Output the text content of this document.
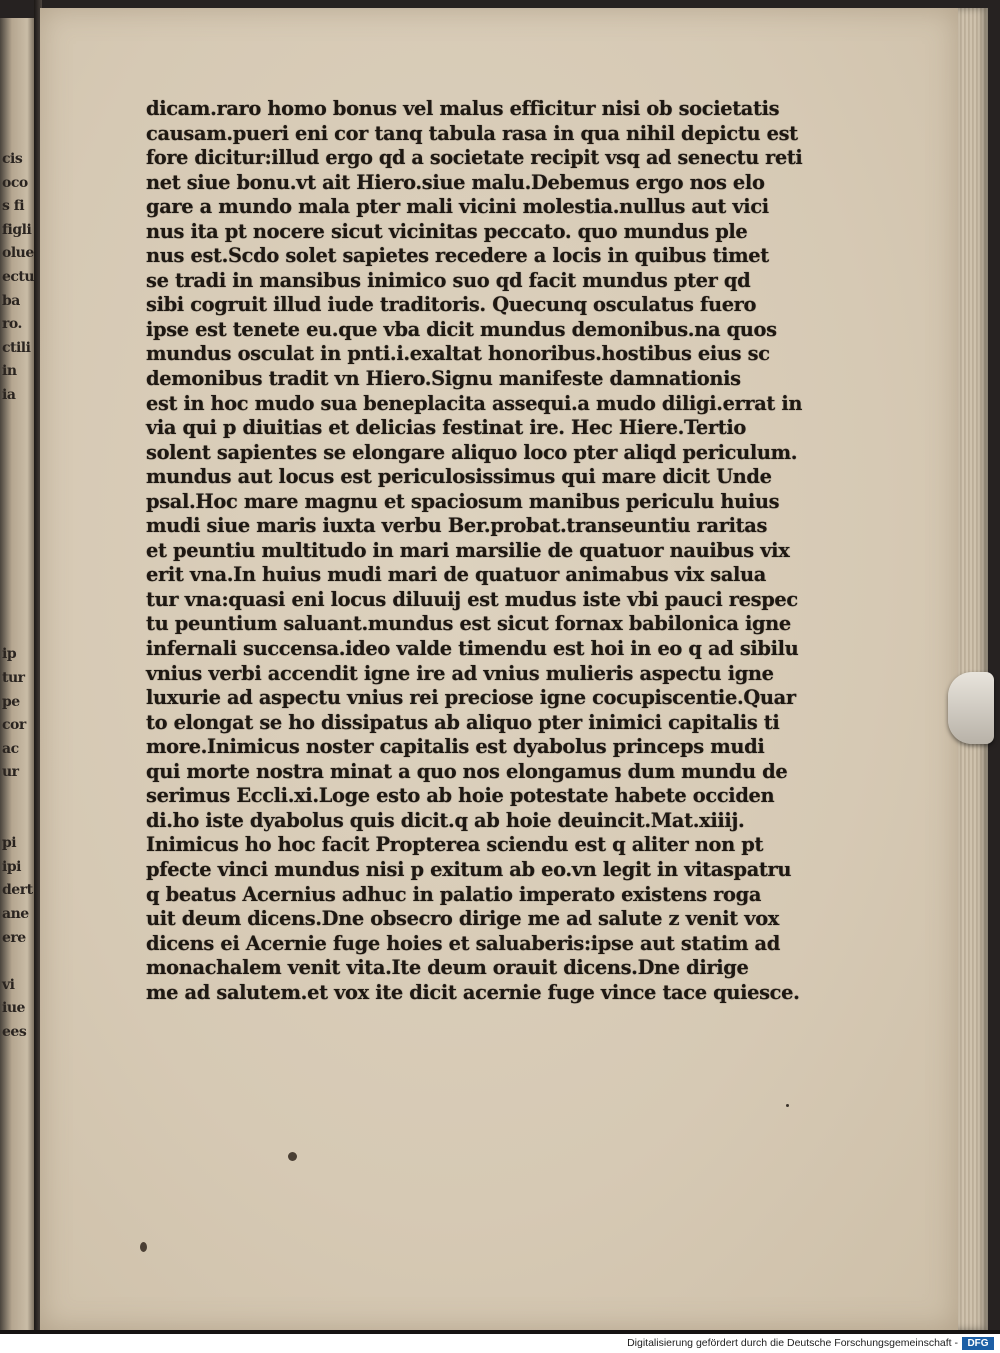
cis
oco
s fi
figli
olue
ectu
ba
ro.
ctili
in
ia
ip
tur
pe
cor
ac
ur
pi
ipi
dert
ane
ere
vi
iue
ees
dicam.raro homo bonus vel malus efficitur nisi ob societatis
causam.pueri eni cor tanq tabula rasa in qua nihil depictu est
fore dicitur:illud ergo qd a societate recipit vsq ad senectu reti
net siue bonu.vt ait Hiero.siue malu.Debemus ergo nos elo
gare a mundo mala pter mali vicini molestia.nullus aut vici
nus ita pt nocere sicut vicinitas peccato. quo mundus ple
nus est.Scdo solet sapietes recedere a locis in quibus timet
se tradi in mansibus inimico suo qd facit mundus pter qd
sibi cogruit illud iude traditoris. Quecunq osculatus fuero
ipse est tenete eu.que vba dicit mundus demonibus.na quos
mundus osculat in pnti.i.exaltat honoribus.hostibus eius sc
demonibus tradit vn Hiero.Signu manifeste damnationis
est in hoc mudo sua beneplacita assequi.a mudo diligi.errat in
via qui p diuitias et delicias festinat ire. Hec Hiere.Tertio
solent sapientes se elongare aliquo loco pter aliqd periculum.
mundus aut locus est periculosissimus qui mare dicit Unde
psal.Hoc mare magnu et spaciosum manibus periculu huius
mudi siue maris iuxta verbu Ber.probat.transeuntiu raritas
et peuntiu multitudo in mari marsilie de quatuor nauibus vix
erit vna.In huius mudi mari de quatuor animabus vix salua
tur vna:quasi eni locus diluuij est mudus iste vbi pauci respec
tu peuntium saluant.mundus est sicut fornax babilonica igne
infernali succensa.ideo valde timendu est hoi in eo q ad sibilu
vnius verbi accendit igne ire ad vnius mulieris aspectu igne
luxurie ad aspectu vnius rei preciose igne cocupiscentie.Quar
to elongat se ho dissipatus ab aliquo pter inimici capitalis ti
more.Inimicus noster capitalis est dyabolus princeps mudi
qui morte nostra minat a quo nos elongamus dum mundu de
serimus Eccli.xi.Loge esto ab hoie potestate habete occiden
di.ho iste dyabolus quis dicit.q ab hoie deuincit.Mat.xiiij.
Inimicus ho hoc facit Propterea sciendu est q aliter non pt
pfecte vinci mundus nisi p exitum ab eo.vn legit in vitaspatru
q beatus Acernius adhuc in palatio imperato existens roga
uit deum dicens.Dne obsecro dirige me ad salute z venit vox
dicens ei Acernie fuge hoies et saluaberis:ipse aut statim ad
monachalem venit vita.Ite deum orauit dicens.Dne dirige
me ad salutem.et vox ite dicit acernie fuge vince tace quiesce.
Digitalisierung gefördert durch die Deutsche Forschungsgemeinschaft - DFG
